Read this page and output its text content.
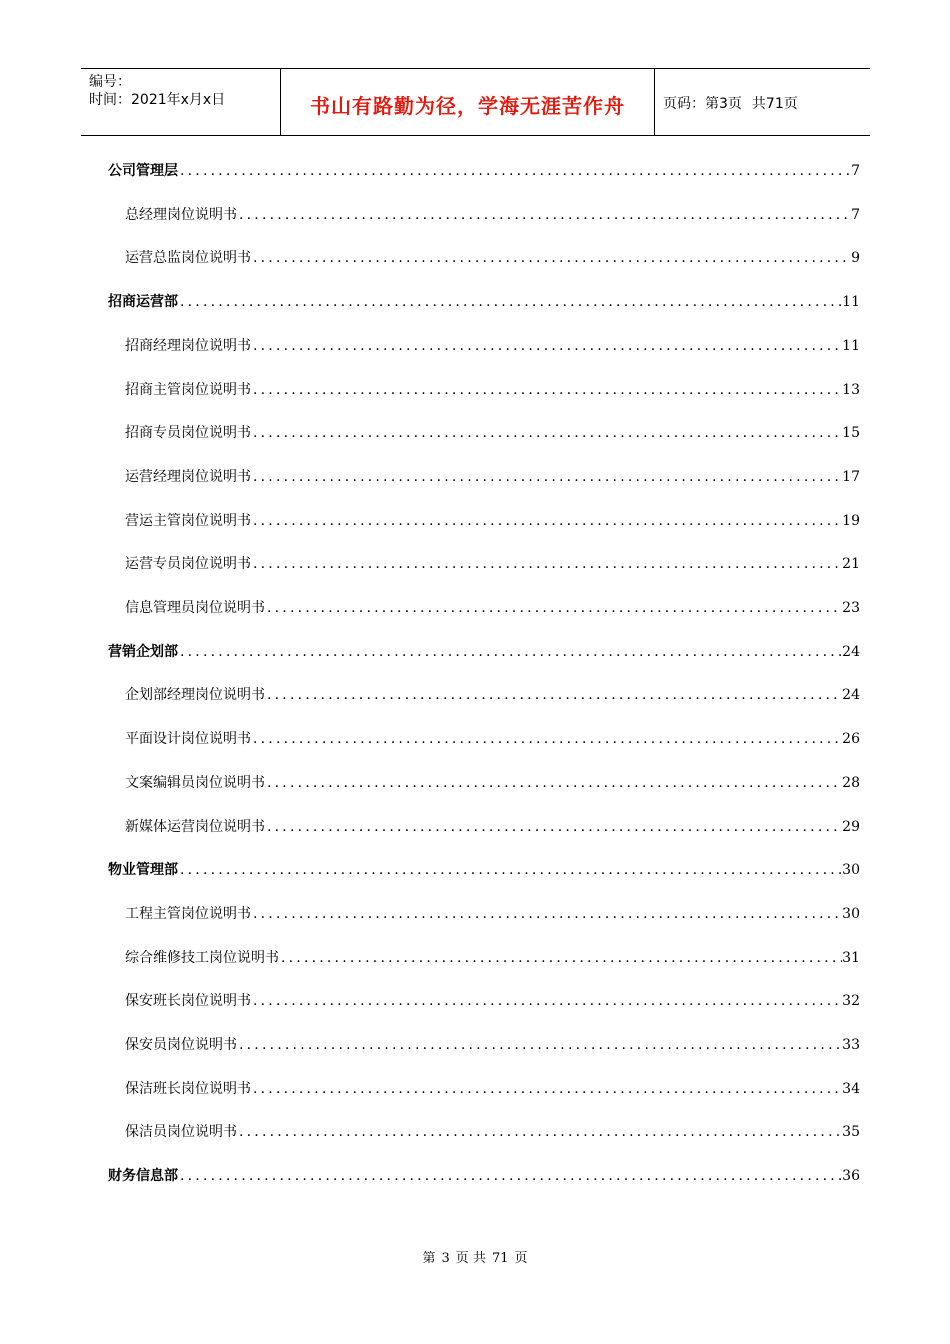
编号：
时间：2021年x月x日	书山有路勤为径，学海无涯苦作舟	页码：第3页 共71页
公司管理层 .....	7
总经理岗位说明书 .....	7
运营总监岗位说明书 .....	9
招商运营部 .....	11
招商经理岗位说明书 .....	11
招商主管岗位说明书 .....	13
招商专员岗位说明书 .....	15
运营经理岗位说明书 .....	17
营运主管岗位说明书 .....	19
运营专员岗位说明书 .....	21
信息管理员岗位说明书 .....	23
营销企划部 .....	24
企划部经理岗位说明书 .....	24
平面设计岗位说明书 .....	26
文案编辑员岗位说明书 .....	28
新媒体运营岗位说明书 .....	29
物业管理部 .....	30
工程主管岗位说明书 .....	30
综合维修技工岗位说明书 .....	31
保安班长岗位说明书 .....	32
保安员岗位说明书 .....	33
保洁班长岗位说明书 .....	34
保洁员岗位说明书 .....	35
财务信息部 .....	36
第 3 页 共 71 页
